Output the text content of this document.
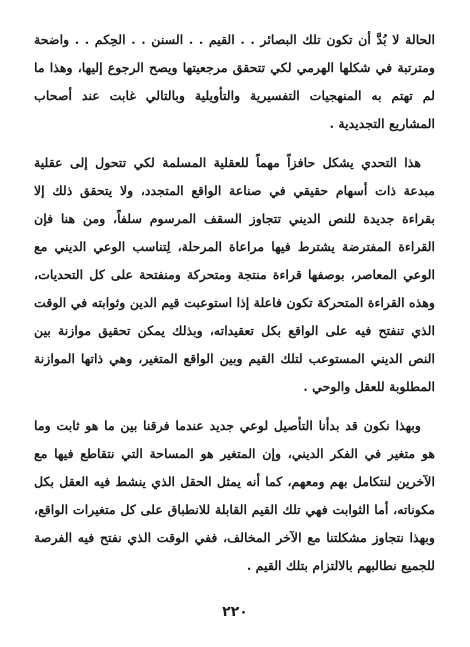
الحالة لا بُدَّ أن تكون تلك البصائر . . القيم . . السنن . . الحِكم . . واضحة ومترتبة في شكلها الهرمي لكي تتحقق مرجعيتها ويصح الرجوع إليها، وهذا ما لم تهتم به المنهجيات التفسيرية والتأويلية وبالتالي غابت عند أصحاب المشاريع التجديدية .

هذا التحدي يشكل حافزاً مهماً للعقلية المسلمة لكي تتحول إلى عقلية مبدعة ذات أسهام حقيقي في صناعة الواقع المتجدد، ولا يتحقق ذلك إلا بقراءة جديدة للنص الديني تتجاوز السقف المرسوم سلفاً، ومن هنا فإن القراءة المفترضة يشترط فيها مراعاة المرحلة، لِتناسب الوعي الديني مع الوعي المعاصر، بوصفها قراءة منتجة ومتحركة ومنفتحة على كل التحديات، وهذه القراءة المتحركة تكون فاعلة إذا استوعبت قيم الدين وثوابته في الوقت الذي تنفتح فيه على الواقع بكل تعقيداته، وبذلك يمكن تحقيق موازنة بين النص الديني المستوعب لتلك القيم وبين الواقع المتغير، وهي ذاتها الموازنة المطلوبة للعقل والوحي .

وبهذا نكون قد بدأنا التأصيل لوعي جديد عندما فرقنا بين ما هو ثابت وما هو متغير في الفكر الديني، وإن المتغير هو المساحة التي نتقاطع فيها مع الآخرين لنتكامل بهم ومعهم، كما أنه يمثل الحقل الذي ينشط فيه العقل بكل مكوناته، أما الثوابت فهي تلك القيم القابلة للانطباق على كل متغيرات الواقع، وبهذا نتجاوز مشكلتنا مع الآخر المخالف، ففي الوقت الذي نفتح فيه الفرصة للجميع نطالبهم بالالتزام بتلك القيم .

٢٢٠
